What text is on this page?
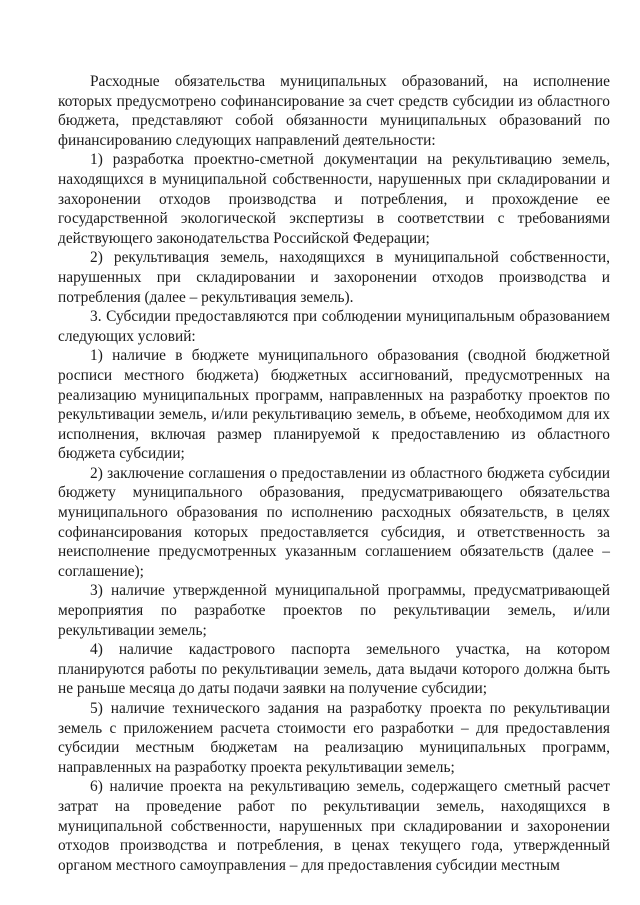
Расходные обязательства муниципальных образований, на исполнение которых предусмотрено софинансирование за счет средств субсидии из областного бюджета, представляют собой обязанности муниципальных образований по финансированию следующих направлений деятельности:

1) разработка проектно-сметной документации на рекультивацию земель, находящихся в муниципальной собственности, нарушенных при складировании и захоронении отходов производства и потребления, и прохождение ее государственной экологической экспертизы в соответствии с требованиями действующего законодательства Российской Федерации;

2) рекультивация земель, находящихся в муниципальной собственности, нарушенных при складировании и захоронении отходов производства и потребления (далее – рекультивация земель).

3. Субсидии предоставляются при соблюдении муниципальным образованием следующих условий:

1) наличие в бюджете муниципального образования (сводной бюджетной росписи местного бюджета) бюджетных ассигнований, предусмотренных на реализацию муниципальных программ, направленных на разработку проектов по рекультивации земель, и/или рекультивацию земель, в объеме, необходимом для их исполнения, включая размер планируемой к предоставлению из областного бюджета субсидии;

2) заключение соглашения о предоставлении из областного бюджета субсидии бюджету муниципального образования, предусматривающего обязательства муниципального образования по исполнению расходных обязательств, в целях софинансирования которых предоставляется субсидия, и ответственность за неисполнение предусмотренных указанным соглашением обязательств (далее – соглашение);

3) наличие утвержденной муниципальной программы, предусматривающей мероприятия по разработке проектов по рекультивации земель, и/или рекультивации земель;

4) наличие кадастрового паспорта земельного участка, на котором планируются работы по рекультивации земель, дата выдачи которого должна быть не раньше месяца до даты подачи заявки на получение субсидии;

5) наличие технического задания на разработку проекта по рекультивации земель с приложением расчета стоимости его разработки – для предоставления субсидии местным бюджетам на реализацию муниципальных программ, направленных на разработку проекта рекультивации земель;

6) наличие проекта на рекультивацию земель, содержащего сметный расчет затрат на проведение работ по рекультивации земель, находящихся в муниципальной собственности, нарушенных при складировании и захоронении отходов производства и потребления, в ценах текущего года, утвержденный органом местного самоуправления – для предоставления субсидии местным
